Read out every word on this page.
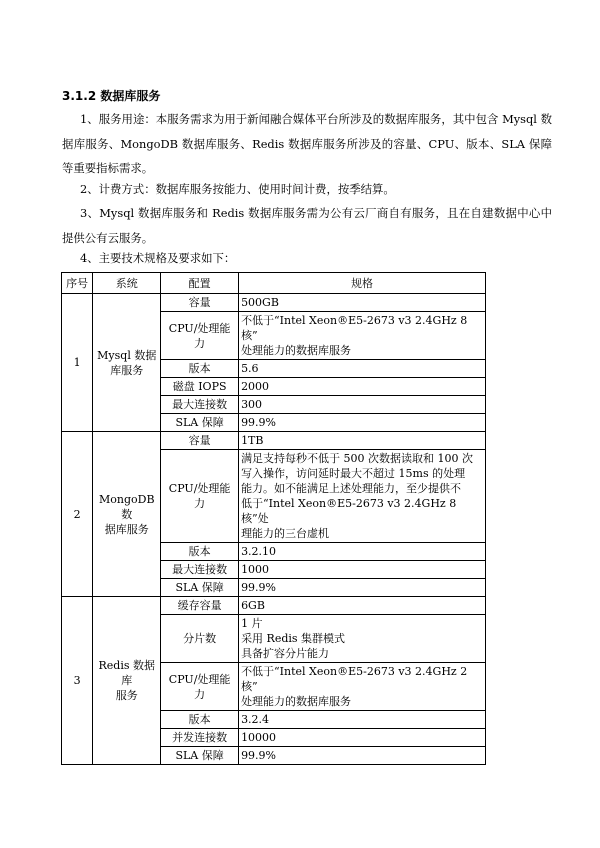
3.1.2 数据库服务
1、服务用途：本服务需求为用于新闻融合媒体平台所涉及的数据库服务，其中包含 Mysql 数据库服务、MongoDB 数据库服务、Redis 数据库服务所涉及的容量、CPU、版本、SLA 保障等重要指标需求。
2、计费方式：数据库服务按能力、使用时间计费，按季结算。
3、Mysql 数据库服务和 Redis 数据库服务需为公有云厂商自有服务，且在自建数据中心中提供公有云服务。
4、主要技术规格及要求如下：
序号	系统	配置	规格
1	Mysql 数据
库服务	容量	500GB

		CPU/处理能
力	不低于“Intel Xeon®E5-2673 v3 2.4GHz 8 核”
处理能力的数据库服务

		版本	5.6

		磁盘 IOPS	2000

		最大连接数	300

		SLA 保障	99.9%

2	MongoDB 数
据库服务	容量	1TB

		CPU/处理能
力	满足支持每秒不低于 500 次数据读取和 100 次
写入操作，访问延时最大不超过 15ms 的处理
能力。如不能满足上述处理能力，至少提供不
低于“Intel Xeon®E5-2673 v3 2.4GHz 8 核”处
理能力的三台虚机

		版本	3.2.10

		最大连接数	1000

		SLA 保障	99.9%

3	Redis 数据库
服务	缓存容量	6GB

		分片数	1 片
采用 Redis 集群模式
具备扩容分片能力

		CPU/处理能
力	不低于“Intel Xeon®E5-2673 v3 2.4GHz 2 核”
处理能力的数据库服务

		版本	3.2.4

		并发连接数	10000

		SLA 保障	99.9%
